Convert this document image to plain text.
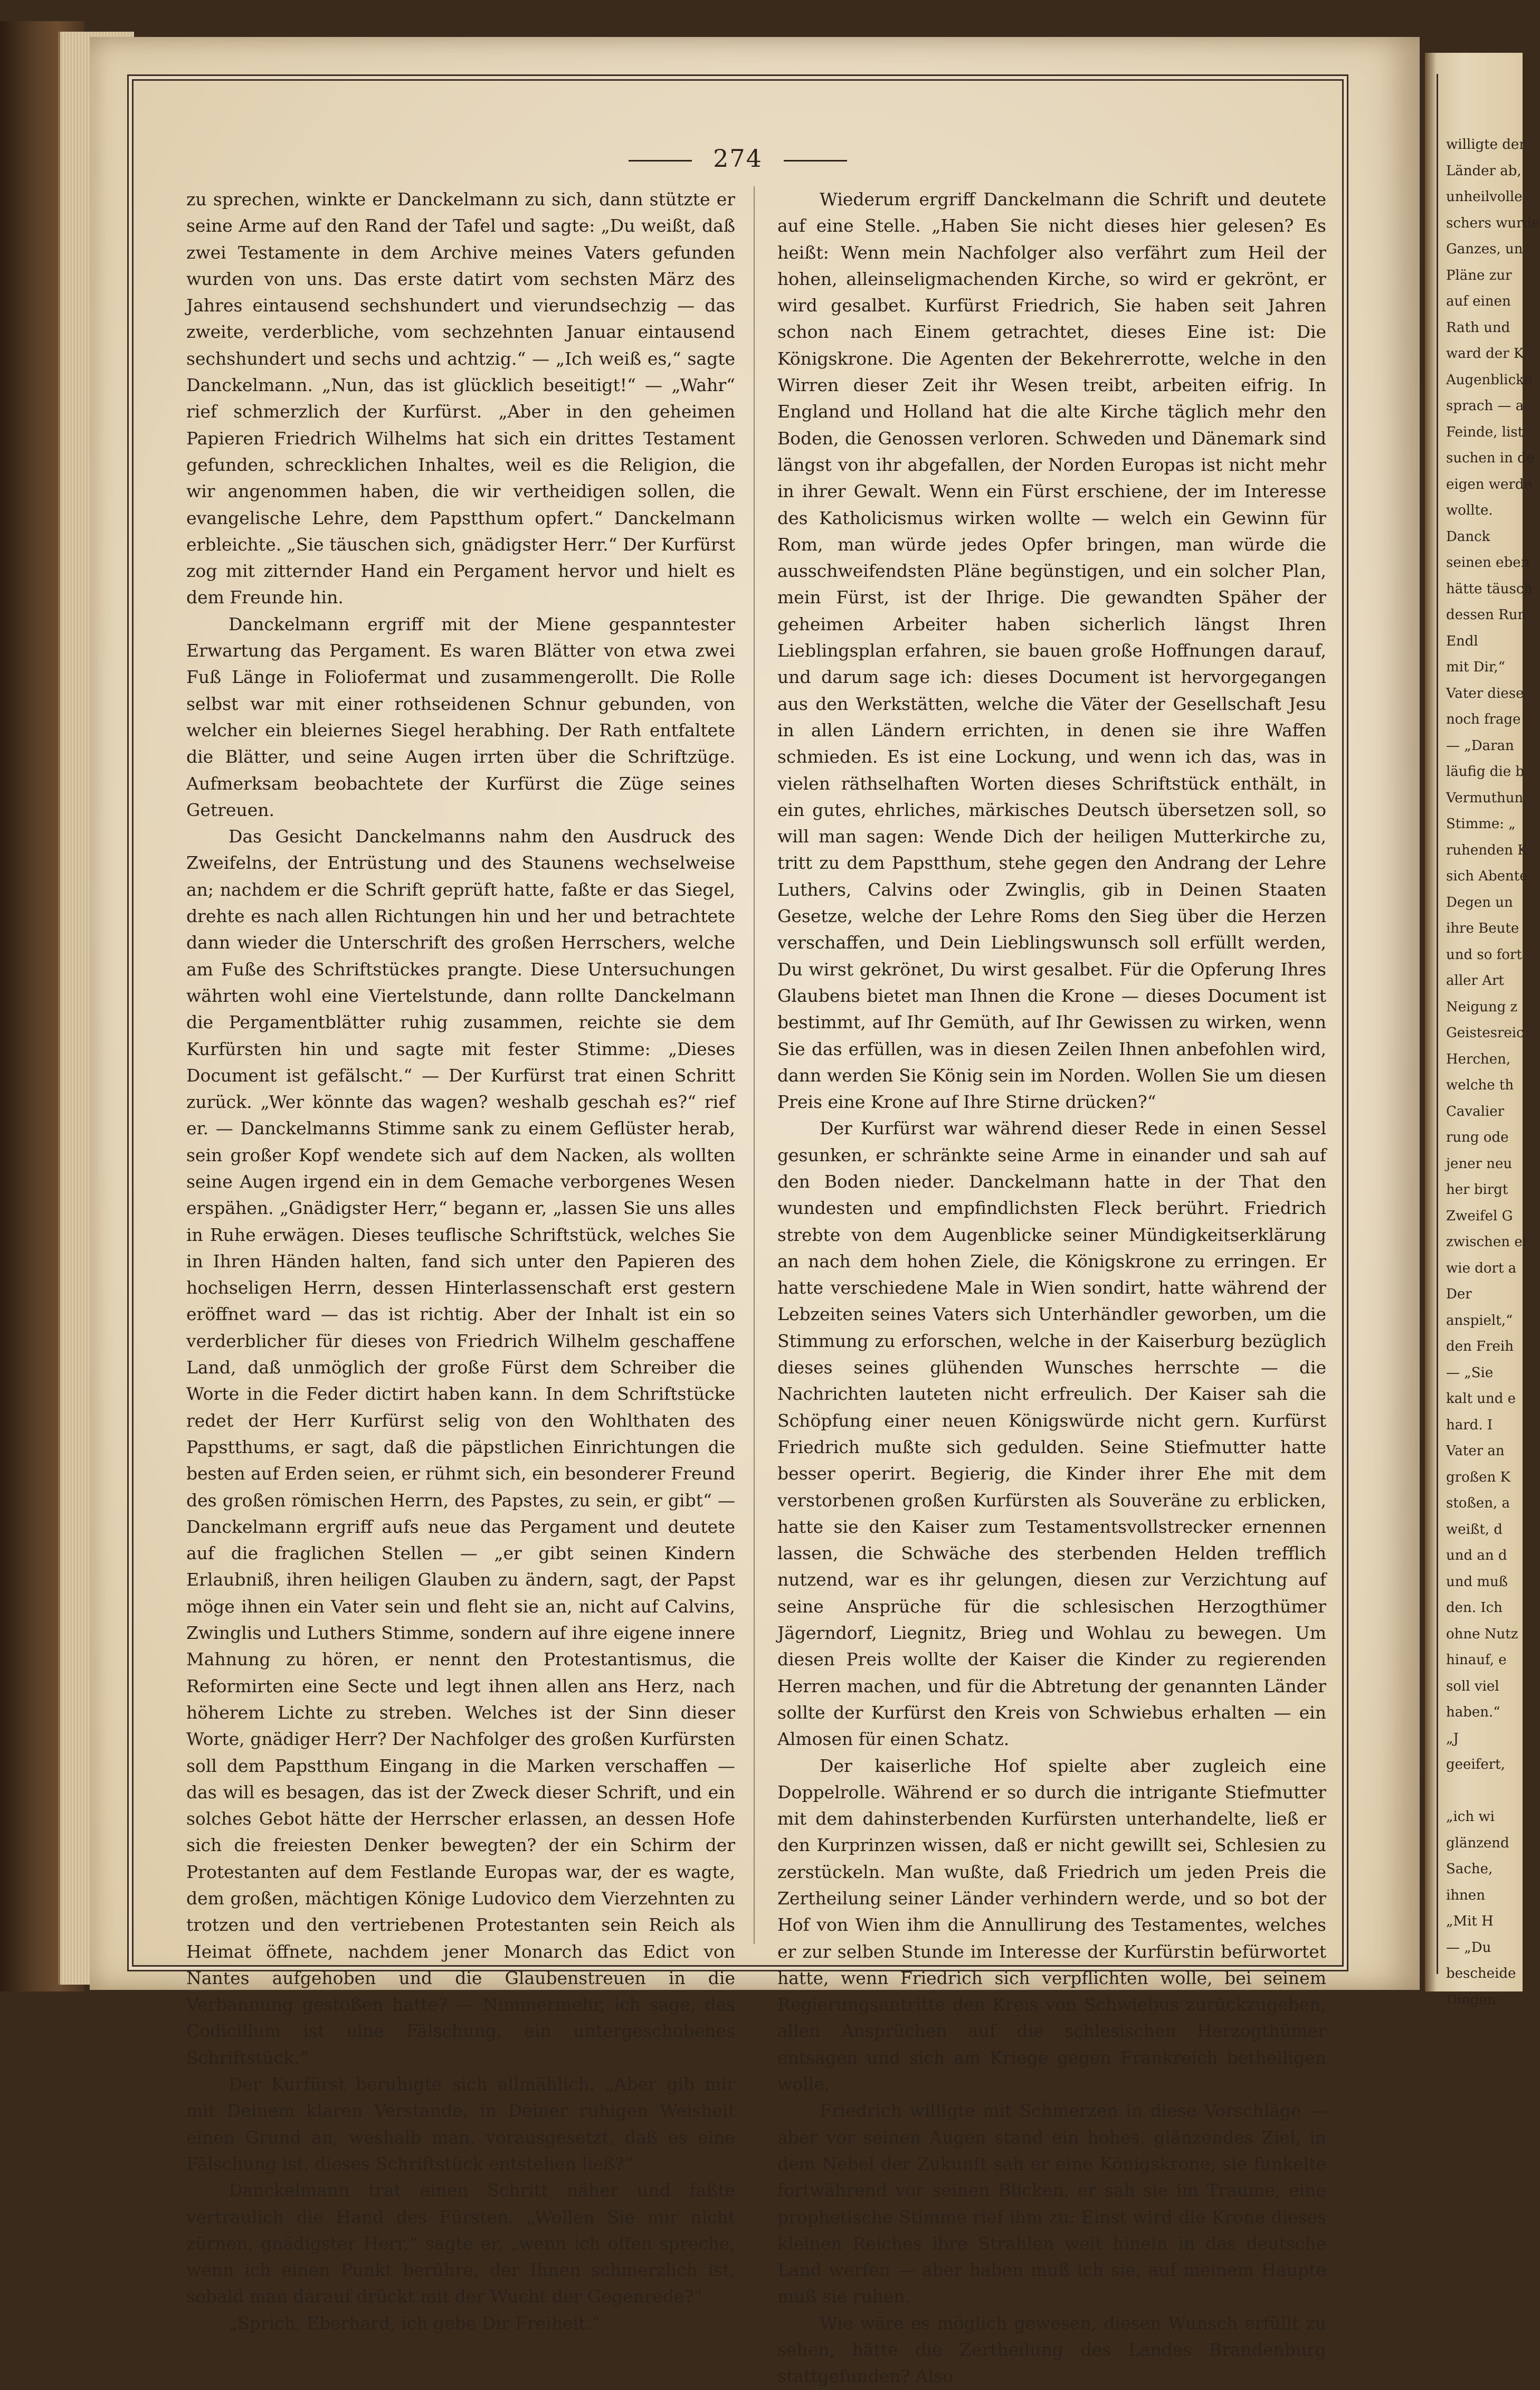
274

zu sprechen, winkte er Danckelmann zu sich, dann stützte er seine Arme auf den Rand der Tafel und sagte: „Du weißt, daß zwei Testamente in dem Archive meines Vaters gefunden wurden von uns. Das erste datirt vom sechsten März des Jahres eintausend sechshundert und vierundsechzig — das zweite, verderbliche, vom sechzehnten Januar eintausend sechshundert und sechs und achtzig.“ — „Ich weiß es,“ sagte Danckelmann. „Nun, das ist glücklich beseitigt!“ — „Wahr“ rief schmerzlich der Kurfürst. „Aber in den geheimen Papieren Friedrich Wilhelms hat sich ein drittes Testament gefunden, schrecklichen Inhaltes, weil es die Religion, die wir angenommen haben, die wir vertheidigen sollen, die evangelische Lehre, dem Papstthum opfert.“ Danckelmann erbleichte. „Sie täuschen sich, gnädigster Herr.“ Der Kurfürst zog mit zitternder Hand ein Pergament hervor und hielt es dem Freunde hin.

Danckelmann ergriff mit der Miene gespanntester Erwartung das Pergament. Es waren Blätter von etwa zwei Fuß Länge in Foliofermat und zusammengerollt. Die Rolle selbst war mit einer rothseidenen Schnur gebunden, von welcher ein bleiernes Siegel herabhing. Der Rath entfaltete die Blätter, und seine Augen irrten über die Schriftzüge. Aufmerksam beobachtete der Kurfürst die Züge seines Getreuen.

Das Gesicht Danckelmanns nahm den Ausdruck des Zweifelns, der Entrüstung und des Staunens wechselweise an; nachdem er die Schrift geprüft hatte, faßte er das Siegel, drehte es nach allen Richtungen hin und her und betrachtete dann wieder die Unterschrift des großen Herrschers, welche am Fuße des Schriftstückes prangte. Diese Untersuchungen währten wohl eine Viertelstunde, dann rollte Danckelmann die Pergamentblätter ruhig zusammen, reichte sie dem Kurfürsten hin und sagte mit fester Stimme: „Dieses Document ist gefälscht.“ — Der Kurfürst trat einen Schritt zurück. „Wer könnte das wagen? weshalb geschah es?“ rief er. — Danckelmanns Stimme sank zu einem Geflüster herab, sein großer Kopf wendete sich auf dem Nacken, als wollten seine Augen irgend ein in dem Gemache verborgenes Wesen erspähen. „Gnädigster Herr,“ begann er, „lassen Sie uns alles in Ruhe erwägen. Dieses teuflische Schriftstück, welches Sie in Ihren Händen halten, fand sich unter den Papieren des hochseligen Herrn, dessen Hinterlassenschaft erst gestern eröffnet ward — das ist richtig. Aber der Inhalt ist ein so verderblicher für dieses von Friedrich Wilhelm geschaffene Land, daß unmöglich der große Fürst dem Schreiber die Worte in die Feder dictirt haben kann. In dem Schriftstücke redet der Herr Kurfürst selig von den Wohlthaten des Papstthums, er sagt, daß die päpstlichen Einrichtungen die besten auf Erden seien, er rühmt sich, ein besonderer Freund des großen römischen Herrn, des Papstes, zu sein, er gibt“ — Danckelmann ergriff aufs neue das Pergament und deutete auf die fraglichen Stellen — „er gibt seinen Kindern Erlaubniß, ihren heiligen Glauben zu ändern, sagt, der Papst möge ihnen ein Vater sein und fleht sie an, nicht auf Calvins, Zwinglis und Luthers Stimme, sondern auf ihre eigene innere Mahnung zu hören, er nennt den Protestantismus, die Reformirten eine Secte und legt ihnen allen ans Herz, nach höherem Lichte zu streben. Welches ist der Sinn dieser Worte, gnädiger Herr? Der Nachfolger des großen Kurfürsten soll dem Papstthum Eingang in die Marken verschaffen — das will es besagen, das ist der Zweck dieser Schrift, und ein solches Gebot hätte der Herrscher erlassen, an dessen Hofe sich die freiesten Denker bewegten? der ein Schirm der Protestanten auf dem Festlande Europas war, der es wagte, dem großen, mächtigen Könige Ludovico dem Vierzehnten zu trotzen und den vertriebenen Protestanten sein Reich als Heimat öffnete, nachdem jener Monarch das Edict von Nantes aufgehoben und die Glaubenstreuen in die Verbannung gestoßen hatte? — Nimmermehr, ich sage, das Codicillum ist eine Fälschung, ein untergeschobenes Schriftstück.“

Der Kurfürst beruhigte sich allmählich. „Aber gib mir mit Deinem klaren Verstande, in Deiner ruhigen Weisheit einen Grund an, weshalb man, vorausgesetzt, daß es eine Fälschung ist, dieses Schriftstück entstehen ließ?“

Danckelmann trat einen Schritt näher und faßte vertraulich die Hand des Fürsten. „Wollen Sie mir nicht zürnen, gnädigster Herr,“ sagte er, „wenn ich offen spreche, wenn ich einen Punkt berühre, der Ihnen schmerzlich ist, sobald man darauf drückt mit der Wucht der Gegenrede?“

„Sprich, Eberhard, ich gebe Dir Freiheit.“

Wiederum ergriff Danckelmann die Schrift und deutete auf eine Stelle. „Haben Sie nicht dieses hier gelesen? Es heißt: Wenn mein Nachfolger also verfährt zum Heil der hohen, alleinseligmachenden Kirche, so wird er gekrönt, er wird gesalbet. Kurfürst Friedrich, Sie haben seit Jahren schon nach Einem getrachtet, dieses Eine ist: Die Königskrone. Die Agenten der Bekehrerrotte, welche in den Wirren dieser Zeit ihr Wesen treibt, arbeiten eifrig. In England und Holland hat die alte Kirche täglich mehr den Boden, die Genossen verloren. Schweden und Dänemark sind längst von ihr abgefallen, der Norden Europas ist nicht mehr in ihrer Gewalt. Wenn ein Fürst erschiene, der im Interesse des Katholicismus wirken wollte — welch ein Gewinn für Rom, man würde jedes Opfer bringen, man würde die ausschweifendsten Pläne begünstigen, und ein solcher Plan, mein Fürst, ist der Ihrige. Die gewandten Späher der geheimen Arbeiter haben sicherlich längst Ihren Lieblingsplan erfahren, sie bauen große Hoffnungen darauf, und darum sage ich: dieses Document ist hervorgegangen aus den Werkstätten, welche die Väter der Gesellschaft Jesu in allen Ländern errichten, in denen sie ihre Waffen schmieden. Es ist eine Lockung, und wenn ich das, was in vielen räthselhaften Worten dieses Schriftstück enthält, in ein gutes, ehrliches, märkisches Deutsch übersetzen soll, so will man sagen: Wende Dich der heiligen Mutterkirche zu, tritt zu dem Papstthum, stehe gegen den Andrang der Lehre Luthers, Calvins oder Zwinglis, gib in Deinen Staaten Gesetze, welche der Lehre Roms den Sieg über die Herzen verschaffen, und Dein Lieblingswunsch soll erfüllt werden, Du wirst gekrönet, Du wirst gesalbet. Für die Opferung Ihres Glaubens bietet man Ihnen die Krone — dieses Document ist bestimmt, auf Ihr Gemüth, auf Ihr Gewissen zu wirken, wenn Sie das erfüllen, was in diesen Zeilen Ihnen anbefohlen wird, dann werden Sie König sein im Norden. Wollen Sie um diesen Preis eine Krone auf Ihre Stirne drücken?“

Der Kurfürst war während dieser Rede in einen Sessel gesunken, er schränkte seine Arme in einander und sah auf den Boden nieder. Danckelmann hatte in der That den wundesten und empfindlichsten Fleck berührt. Friedrich strebte von dem Augenblicke seiner Mündigkeitserklärung an nach dem hohen Ziele, die Königskrone zu erringen. Er hatte verschiedene Male in Wien sondirt, hatte während der Lebzeiten seines Vaters sich Unterhändler geworben, um die Stimmung zu erforschen, welche in der Kaiserburg bezüglich dieses seines glühenden Wunsches herrschte — die Nachrichten lauteten nicht erfreulich. Der Kaiser sah die Schöpfung einer neuen Königswürde nicht gern. Kurfürst Friedrich mußte sich gedulden. Seine Stiefmutter hatte besser operirt. Begierig, die Kinder ihrer Ehe mit dem verstorbenen großen Kurfürsten als Souveräne zu erblicken, hatte sie den Kaiser zum Testamentsvollstrecker ernennen lassen, die Schwäche des sterbenden Helden trefflich nutzend, war es ihr gelungen, diesen zur Verzichtung auf seine Ansprüche für die schlesischen Herzogthümer Jägerndorf, Liegnitz, Brieg und Wohlau zu bewegen. Um diesen Preis wollte der Kaiser die Kinder zu regierenden Herren machen, und für die Abtretung der genannten Länder sollte der Kurfürst den Kreis von Schwiebus erhalten — ein Almosen für einen Schatz.

Der kaiserliche Hof spielte aber zugleich eine Doppelrolle. Während er so durch die intrigante Stiefmutter mit dem dahinsterbenden Kurfürsten unterhandelte, ließ er den Kurprinzen wissen, daß er nicht gewillt sei, Schlesien zu zerstückeln. Man wußte, daß Friedrich um jeden Preis die Zertheilung seiner Länder verhindern werde, und so bot der Hof von Wien ihm die Annullirung des Testamentes, welches er zur selben Stunde im Interesse der Kurfürstin befürwortet hatte, wenn Friedrich sich verpflichten wolle, bei seinem Regierungsantritte den Kreis von Schwiebus zurückzugeben, allen Ansprüchen auf die schlesischen Herzogthümer entsagen und sich am Kriege gegen Frankreich betheiligen wolle.

Friedrich willigte mit Schmerzen in diese Vorschläge — aber vor seinen Augen stand ein hohes, glänzendes Ziel, in dem Nebel der Zukunft sah er eine Königskrone, sie funkelte fortwährend vor seinen Blicken, er sah sie im Traume, eine prophetische Stimme rief ihm zu: Einst wird die Krone dieses kleinen Reiches ihre Strahlen weit hinein in das deutsche Land werfen — aber haben muß ich sie, auf meinem Haupte muß sie ruhen.

Wie wäre es möglich gewesen, diesen Wunsch erfüllt zu sehen, hätte die Zertheilung des Landes Brandenburg stattgefunden? Also

willigte der
Länder ab,
unheilvolle
schers wurde
Ganzes, un
Pläne zur
auf einen
Rath und
ward der K
Augenblicke
sprach — a
Feinde, list
suchen in de
eigen werde
wollte.
Danck
seinen eben
hätte täusch
dessen Run
Endl
mit Dir,“
Vater diese
noch frage
— „Daran
läufig die b
Vermuthun
Stimme: „
ruhenden K
sich Abente
Degen un
ihre Beute
und so fort
aller Art
Neigung z
Geistesreic
Herchen,
welche th
Cavalier
rung ode
jener neu
her birgt
Zweifel G
zwischen ei
wie dort a
Der
anspielt,“
den Freih
— „Sie
kalt und e
hard. I
Vater an
großen K
stoßen, a
weißt, d
und an d
und muß
den. Ich
ohne Nutz
hinauf, e
soll viel
haben.“
„J
geeifert,
„ich wi
glänzend
Sache,
ihnen
„Mit H
— „Du
bescheide
Dingen
